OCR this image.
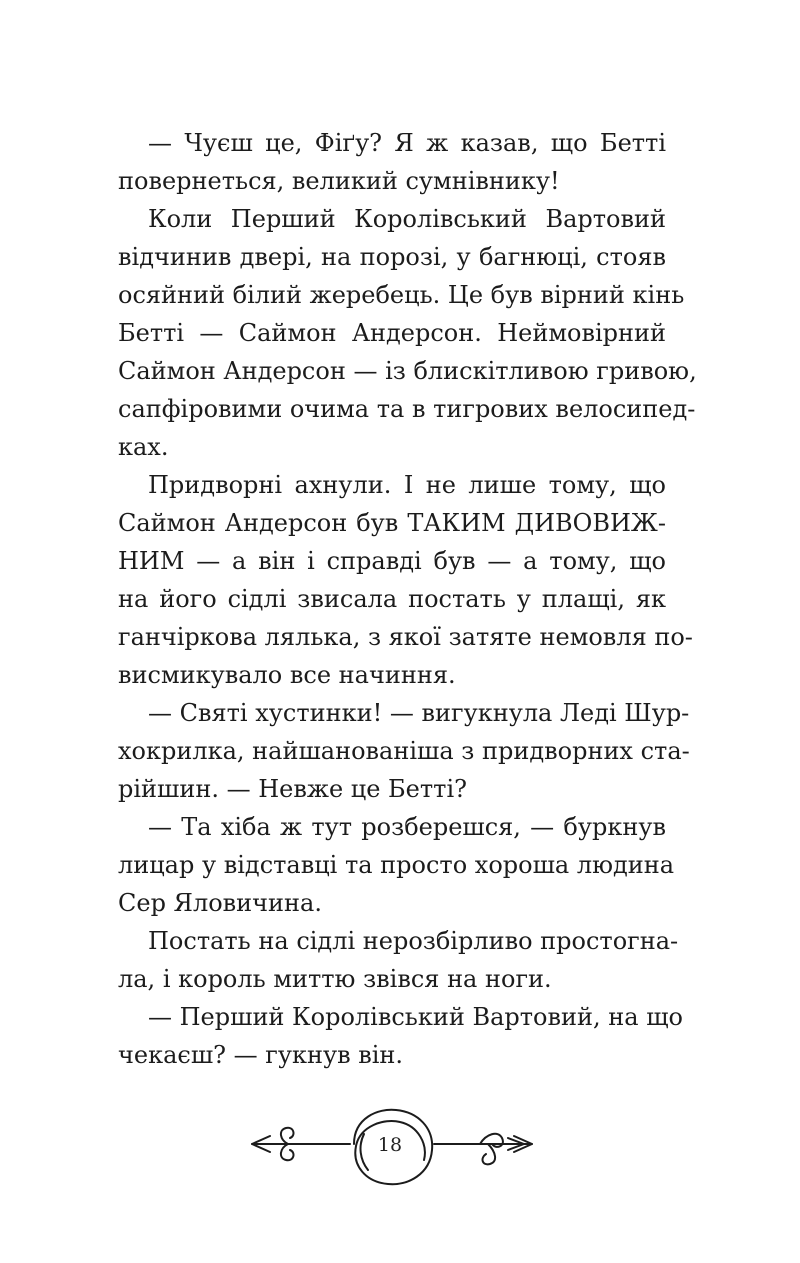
— Чуєш це, Фіґу? Я ж казав, що Бетті
повернеться, великий сумнівнику!
Коли Перший Королівський Вартовий
відчинив двері, на порозі, у багнюці, стояв
осяйний білий жеребець. Це був вірний кінь
Бетті — Саймон Андерсон. Неймовірний
Саймон Андерсон — із блискітливою гривою,
сапфіровими очима та в тигрових велосипед-
ках.
Придворні ахнули. І не лише тому, що
Саймон Андерсон був ТАКИМ ДИВОВИЖ-
НИМ — а він і справді був — а тому, що
на його сідлі звисала постать у плащі, як
ганчіркова лялька, з якої затяте немовля по-
висмикувало все начиння.
— Святі хустинки! — вигукнула Леді Шур-
хокрилка, найшанованіша з придворних ста-
рійшин. — Невже це Бетті?
— Та хіба ж тут розберешся, — буркнув
лицар у відставці та просто хороша людина
Сер Яловичина.
Постать на сідлі нерозбірливо простогна-
ла, і король миттю звівся на ноги.
— Перший Королівський Вартовий, на що
чекаєш? — гукнув він.
18
